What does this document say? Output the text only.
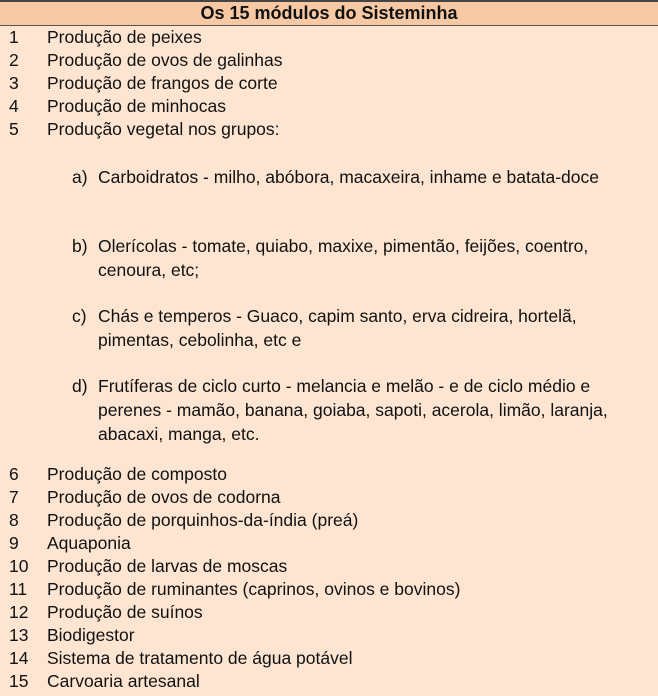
Os 15 módulos do Sisteminha
1 Produção de peixes
2 Produção de ovos de galinhas
3 Produção de frangos de corte
4 Produção de minhocas
5 Produção vegetal nos grupos:
a) Carboidratos - milho, abóbora, macaxeira, inhame e batata-doce
b) Olerícolas - tomate, quiabo, maxixe, pimentão, feijões, coentro, cenoura, etc;
c) Chás e temperos - Guaco, capim santo, erva cidreira, hortelã, pimentas, cebolinha, etc e
d) Frutíferas de ciclo curto - melancia e melão - e de ciclo médio e perenes - mamão, banana, goiaba, sapoti, acerola, limão, laranja, abacaxi, manga, etc.
6 Produção de composto
7 Produção de ovos de codorna
8 Produção de porquinhos-da-índia (preá)
9 Aquaponia
10 Produção de larvas de moscas
11 Produção de ruminantes (caprinos, ovinos e bovinos)
12 Produção de suínos
13 Biodigestor
14 Sistema de tratamento de água potável
15 Carvoaria artesanal
